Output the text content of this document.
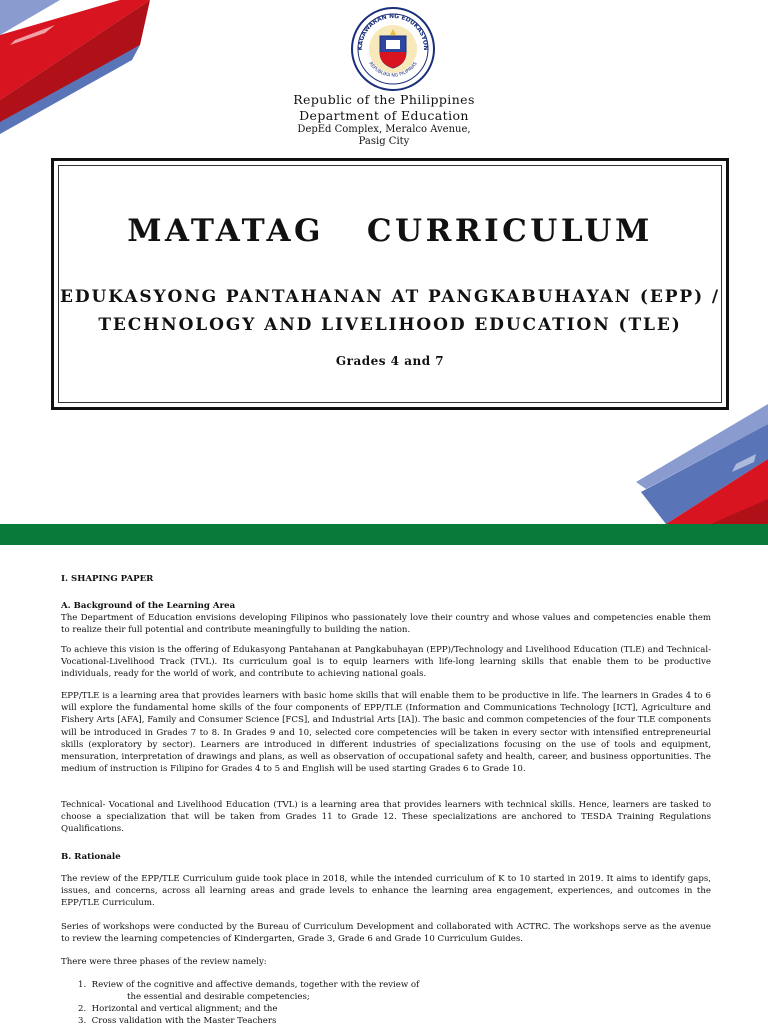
KAGAWARAN NG EDUKASYON
REPUBLIKA NG PILIPINAS
Republic of the Philippines
Department of Education
DepEd Complex, Meralco Avenue,
Pasig City
MATATAG   CURRICULUM
EDUKASYONG PANTAHANAN AT PANGKABUHAYAN (EPP) /
TECHNOLOGY AND LIVELIHOOD EDUCATION (TLE)
Grades 4 and 7
I. SHAPING PAPER
A. Background of the Learning Area
The Department of Education envisions developing Filipinos who passionately love their country and whose values and competencies enable them to realize their full potential and contribute meaningfully to building the nation.
To achieve this vision is the offering of Edukasyong Pantahanan at Pangkabuhayan (EPP)/Technology and Livelihood Education (TLE) and Technical-Vocational-Livelihood Track (TVL). Its curriculum goal is to equip learners with life-long learning skills that enable them to be productive individuals, ready for the world of work, and contribute to achieving national goals.
EPP/TLE is a learning area that provides learners with basic home skills that will enable them to be productive in life. The learners in Grades 4 to 6 will explore the fundamental home skills of the four components of EPP/TLE (Information and Communications Technology [ICT], Agriculture and Fishery Arts [AFA], Family and Consumer Science [FCS], and Industrial Arts [IA]). The basic and common competencies of the four TLE components will be introduced in Grades 7 to 8. In Grades 9 and 10, selected core competencies will be taken in every sector with intensified entrepreneurial skills (exploratory by sector). Learners are introduced in different industries of specializations focusing on the use of tools and equipment, mensuration, interpretation of drawings and plans, as well as observation of occupational safety and health, career, and business opportunities. The medium of instruction is Filipino for Grades 4 to 5 and English will be used starting Grades 6 to Grade 10.
Technical- Vocational and Livelihood Education (TVL) is a learning area that provides learners with technical skills. Hence, learners are tasked to choose a specialization that will be taken from Grades 11 to Grade 12. These specializations are anchored to TESDA Training Regulations Qualifications.
B. Rationale
The review of the EPP/TLE Curriculum guide took place in 2018, while the intended curriculum of K to 10 started in 2019. It aims to identify gaps, issues, and concerns, across all learning areas and grade levels to enhance the learning area engagement, experiences, and outcomes in the EPP/TLE Curriculum.
Series of workshops were conducted by the Bureau of Curriculum Development and collaborated with ACTRC. The workshops serve as the avenue to review the learning competencies of Kindergarten, Grade 3, Grade 6 and Grade 10 Curriculum Guides.
There were three phases of the review namely:
1. Review of the cognitive and affective demands, together with the review of
the essential and desirable competencies;
2. Horizontal and vertical alignment; and the
3. Cross validation with the Master Teachers
